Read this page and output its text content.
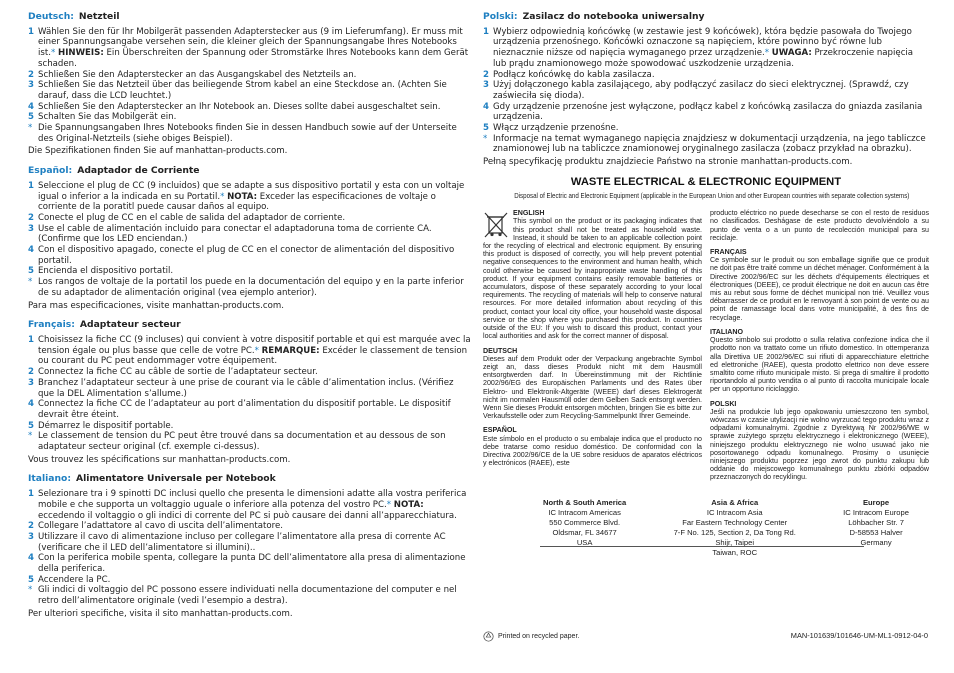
Deutsch: Netzteil
1 Wählen Sie den für Ihr Mobilgerät passenden Adapterstecker aus (9 im Lieferumfang). Er muss mit einer Spannungsangabe versehen sein, die kleiner gleich der Spannungsangabe Ihres Notebooks ist.* HINWEIS: Ein Überschreiten der Spannung oder Stromstärke Ihres Notebooks kann dem Gerät schaden.
2 Schließen Sie den Adapterstecker an das Ausgangskabel des Netzteils an.
3 Schließen Sie das Netzteil über das beiliegende Strom kabel an eine Steckdose an. (Achten Sie darauf, dass die LCD leuchtet.)
4 Schließen Sie den Adapterstecker an Ihr Notebook an. Dieses sollte dabei ausgeschaltet sein.
5 Schalten Sie das Mobilgerät ein.
* Die Spannungsangaben Ihres Notebooks finden Sie in dessen Handbuch sowie auf der Unterseite des Original-Netzteils (siehe obiges Beispiel).
Die Spezifikationen finden Sie auf manhattan-products.com.
Español: Adaptador de Corriente
1 Seleccione el plug de CC (9 incluidos) que se adapte a sus dispositivo portatil y esta con un voltaje igual o inferior a la indicada en su Portatil.* NOTA: Exceder las especificaciones de voltaje o corriente de la poratitl puede causar daños al equipo.
2 Conecte el plug de CC en el cable de salida del adaptador de corriente.
3 Use el cable de alimentación incluido para conectar el adaptadoruna toma de corriente CA. (Confirme que los LED enciendan.)
4 Con el dispositivo apagado, conecte el plug de CC en el conector de alimentación del dispositivo portatil.
5 Encienda el dispositivo portatil.
* Los rangos de voltaje de la portatil los puede en la documentación del equipo y en la parte inferior de su adaptador de alimentación original (vea ejemplo anterior).
Para mas especificaciones, visite manhattan-products.com.
Français: Adaptateur secteur
1 Choisissez la fiche CC (9 incluses) qui convient à votre dispositif portable et qui est marquée avec la tension égale ou plus basse que celle de votre PC.* REMARQUE: Excéder le classement de tension ou courant du PC peut endommager votre équipement.
2 Connectez la fiche CC au câble de sortie de l’adaptateur secteur.
3 Branchez l’adaptateur secteur à une prise de courant via le câble d’alimentation inclus. (Vérifiez que la DEL Alimentation s’allume.)
4 Connectez la fiche CC de l’adaptateur au port d’alimentation du dispositif portable. Le dispositif devrait être éteint.
5 Démarrez le dispositif portable.
* Le classement de tension du PC peut être trouvé dans sa documentation et au dessous de son adaptateur secteur original (cf. exemple ci-dessus).
Vous trouvez les spécifications sur manhattan-products.com.
Italiano: Alimentatore Universale per Notebook
1 Selezionare tra i 9 spinotti DC inclusi quello che presenta le dimensioni adatte alla vostra periferica mobile e che supporta un voltaggio uguale o inferiore alla potenza del vostro PC.* NOTA: eccedendo il voltaggio o gli indici di corrente del PC si può causare dei danni all’apparecchiatura.
2 Collegare l’adattatore al cavo di uscita dell’alimentatore.
3 Utilizzare il cavo di alimentazione incluso per collegare l’alimentatore alla presa di corrente AC (verificare che il LED dell’alimentatore si illumini)..
4 Con la periferica mobile spenta, collegare la punta DC dell’alimentatore alla presa di alimentazione della periferica.
5 Accendere la PC.
* Gli indici di voltaggio del PC possono essere individuati nella documentazione del computer e nel retro dell’alimentatore originale (vedi l’esempio a destra).
Per ulteriori specifiche, visita il sito manhattan-products.com.
Polski: Zasilacz do notebooka uniwersalny
1 Wybierz odpowiednią końcówkę (w zestawie jest 9 końcówek), która będzie pasowała do Twojego urządzenia przenośnego. Końcówki oznaczone są napięciem, które powinno być równe lub nieznacznie niższe od napięcia wymaganego przez urządzenie.* UWAGA: Przekroczenie napięcia lub prądu znamionowego może spowodować uszkodzenie urządzenia.
2 Podłącz końcówkę do kabla zasilacza.
3 Użyj dołączonego kabla zasilającego, aby podłączyć zasilacz do sieci elektrycznej. (Sprawdź, czy zaświeciła się dioda).
4 Gdy urządzenie przenośne jest wyłączone, podłącz kabel z końcówką zasilacza do gniazda zasilania urządzenia.
5 Włącz urządzenie przenośne.
* Informacje na temat wymaganego napięcia znajdziesz w dokumentacji urządzenia, na jego tabliczce znamionowej lub na tabliczce znamionowej oryginalnego zasilacza (zobacz przykład na obrazku).
Pełną specyfikację produktu znajdziecie Państwo na stronie manhattan-products.com.
WASTE ELECTRICAL & ELECTRONIC EQUIPMENT
Disposal of Electric and Electronic Equipment (applicable in the European Union and other European countries with separate collection systems)
ENGLISH
This symbol on the product or its packaging indicates that this product shall not be treated as household waste. Instead, it should be taken to an applicable collection point for the recycling of electrical and electronic equipment. By ensuring this product is disposed of correctly, you will help prevent potential negative consequences to the environment and human health, which could otherwise be caused by inappropriate waste handling of this product. If your equipment contains easily removable batteries or accumulators, dispose of these separately according to your local requirements. The recycling of materials will help to conserve natural resources. For more detailed information about recycling of this product, contact your local city office, your household waste disposal service or the shop where you purchased this product. In countries outside of the EU: If you wish to discard this product, contact your local authorities and ask for the correct manner of disposal.
DEUTSCH
Dieses auf dem Produkt oder der Verpackung angebrachte Symbol zeigt an, dass dieses Produkt nicht mit dem Hausmüll entsorgtwerden darf. In Übereinstimmung mit der Richtlinie 2002/96/EG des Europäischen Parlaments und des Rates über Elektro- und Elektronik-Altgeräte (WEEE) darf dieses Elektrogerät nicht im normalen Hausmüll oder dem Gelben Sack entsorgt werden. Wenn Sie dieses Produkt entsorgen möchten, bringen Sie es bitte zur Verkaufsstelle oder zum Recycling-Sammelpunkt Ihrer Gemeinde.
ESPAÑOL
Este símbolo en el producto o su embalaje indica que el producto no debe tratarse como residuo doméstico. De conformidad con la Directiva 2002/96/CE de la UE sobre residuos de aparatos eléctricos y electrónicos (RAEE), este
producto eléctrico no puede desecharse se con el resto de residuos no clasificados. Deshágase de este producto devolviéndolo a su punto de venta o a un punto de recolección municipal para su reciclaje.
FRANÇAIS
Ce symbole sur le produit ou son emballage signifie que ce produit ne doit pas être traité comme un déchet ménager. Conformément à la Directive 2002/96/EC sur les déchets d’équipements électriques et électroniques (DEEE), ce produit électrique ne doit en aucun cas être mis au rebut sous forme de déchet municipal non trié. Veuillez vous débarrasser de ce produit en le renvoyant à son point de vente ou au point de ramassage local dans votre municipalité, à des fins de recyclage.
ITALIANO
Questo simbolo sui prodotto o sulla relativa confezione indica che il prodotto non va trattato come un rifiuto domestico. In ottemperanza alla Direttiva UE 2002/96/EC sui rifiuti di apparecchiature elettriche ed elettroniche (RAEE), questa prodotto elettrico non deve essere smaltito come rifiuto municipale misto. Si prega di smaltire il prodotto riportandolo al punto vendita o al punto di raccolta municipale locale per un opportuno riciclaggio.
POLSKI
Jeśli na produkcie lub jego opakowaniu umieszczono ten symbol, wówczas w czasie utylizacji nie wolno wyrzucać tego produktu wraz z odpadami komunalnymi. Zgodnie z Dyrektywą Nr 2002/96/WE w sprawie zużytego sprzętu elektrycznego i elektronicznego (WEEE), niniejszego produktu elektrycznego nie wolno usuwać jako nie posortowanego odpadu komunalnego. Prosimy o usunięcie niniejszego produktu poprzez jego zwrot do punktu zakupu lub oddanie do miejscowego komunalnego punktu zbiórki odpadów przeznaczonych do recyklingu.
North & South America
IC Intracom Americas
550 Commerce Blvd.
Oldsmar, FL 34677
USA
Asia & Africa
IC Intracom Asia
Far Eastern Technology Center
7-F No. 125, Section 2, Da Tong Rd.
Shijr, Taipei
Taiwan, ROC
Europe
IC Intracom Europe
Löhbacher Str. 7
D-58553 Halver
Germany
Printed on recycled paper.	MAN-101639/101646-UM-ML1-0912-04-0
